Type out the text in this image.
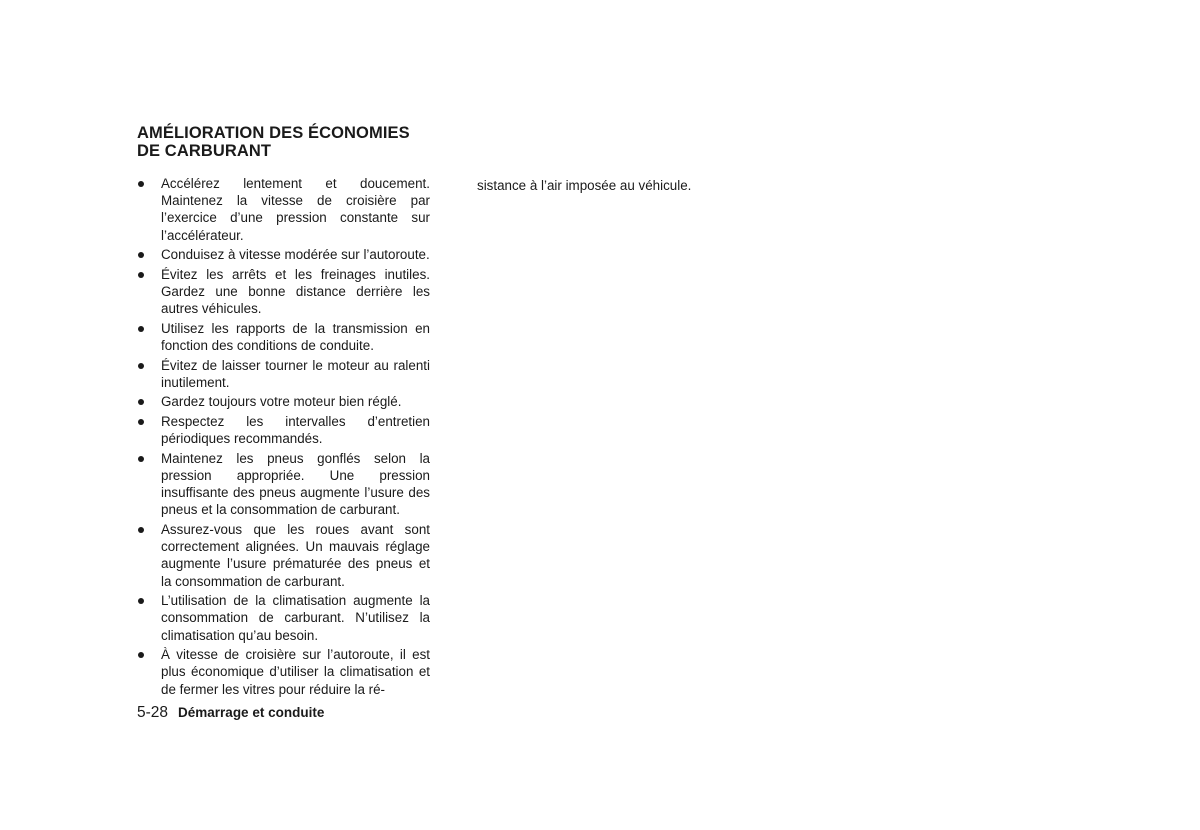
AMÉLIORATION DES ÉCONOMIES DE CARBURANT
Accélérez lentement et doucement. Maintenez la vitesse de croisière par l’exercice d’une pression constante sur l’accélérateur.
Conduisez à vitesse modérée sur l’autoroute.
Évitez les arrêts et les freinages inutiles. Gardez une bonne distance derrière les autres véhicules.
Utilisez les rapports de la transmission en fonction des conditions de conduite.
Évitez de laisser tourner le moteur au ralenti inutilement.
Gardez toujours votre moteur bien réglé.
Respectez les intervalles d’entretien périodiques recommandés.
Maintenez les pneus gonflés selon la pression appropriée. Une pression insuffisante des pneus augmente l’usure des pneus et la consommation de carburant.
Assurez-vous que les roues avant sont correctement alignées. Un mauvais réglage augmente l’usure prématurée des pneus et la consommation de carburant.
L’utilisation de la climatisation augmente la consommation de carburant. N’utilisez la climatisation qu’au besoin.
À vitesse de croisière sur l’autoroute, il est plus économique d’utiliser la climatisation et de fermer les vitres pour réduire la ré-

sistance à l’air imposée au véhicule.

5-28 Démarrage et conduite
